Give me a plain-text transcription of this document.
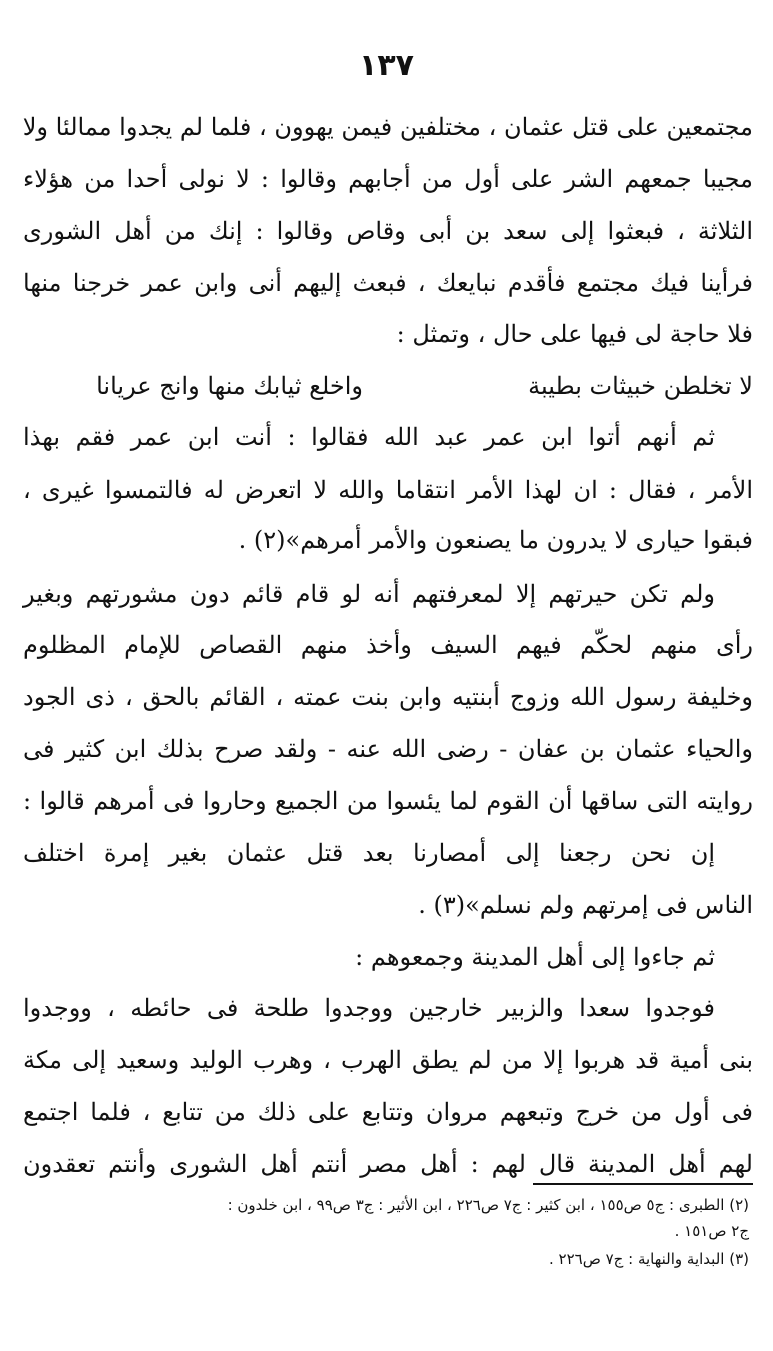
١٣٧
مجتمعين على قتل عثمان ، مختلفين فيمن يهوون ، فلما لم يجدوا ممالئا ولا
مجيبا جمعهم الشر على أول من أجابهم وقالوا : لا نولى أحدا من هؤلاء
الثلاثة ، فبعثوا إلى سعد بن أبى وقاص وقالوا : إنك من أهل الشورى
فرأينا فيك مجتمع فأقدم نبايعك ، فبعث إليهم أنى وابن عمر خرجنا منها
فلا حاجة لى فيها على حال ، وتمثل :
لا تخلطن خبيثات بطيبة
واخلع ثيابك منها وانج عريانا
ثم أنهم أتوا ابن عمر عبد الله فقالوا : أنت ابن عمر فقم بهذا
الأمر ، فقال : ان لهذا الأمر انتقاما والله لا اتعرض له فالتمسوا غيرى ،
فبقوا حيارى لا يدرون ما يصنعون والأمر أمرهم»(٢) .
ولم تكن حيرتهم إلا لمعرفتهم أنه لو قام قائم دون مشورتهم وبغير
رأى منهم لحكّم فيهم السيف وأخذ منهم القصاص للإمام المظلوم
وخليفة رسول الله وزوج أبنتيه وابن بنت عمته ، القائم بالحق ، ذى الجود
والحياء عثمان بن عفان - رضى الله عنه - ولقد صرح بذلك ابن كثير فى
روايته التى ساقها أن القوم لما يئسوا من الجميع وحاروا فى أمرهم قالوا :
إن نحن رجعنا إلى أمصارنا بعد قتل عثمان بغير إمرة اختلف
الناس فى إمرتهم ولم نسلم»(٣) .
ثم جاءوا إلى أهل المدينة وجمعوهم :
فوجدوا سعدا والزبير خارجين ووجدوا طلحة فى حائطه ، ووجدوا
بنى أمية قد هربوا إلا من لم يطق الهرب ، وهرب الوليد وسعيد إلى مكة
فى أول من خرج وتبعهم مروان وتتابع على ذلك من تتابع ، فلما اجتمع
لهم أهل المدينة قال لهم : أهل مصر أنتم أهل الشورى وأنتم تعقدون
(٢) الطبرى : ج٥ ص١٥٥ ، ابن كثير : ج٧ ص٢٢٦ ، ابن الأثير : ج٣ ص٩٩ ، ابن خلدون :
ج٢ ص١٥١ .
(٣) البداية والنهاية : ج٧ ص٢٢٦ .
